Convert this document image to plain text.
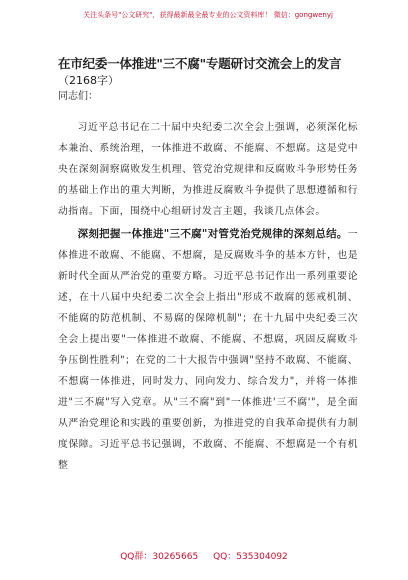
关注头条号"公文研究"，获得最新最全最专业的公文资料库！ 微信：gongwenyj

在市纪委一体推进"三不腐"专题研讨交流会上的发言

（2168字）

同志们：

习近平总书记在二十届中央纪委二次全会上强调，必须深化标本兼治、系统治理，一体推进不敢腐、不能腐、不想腐。这是党中央在深刻洞察腐败发生机理、管党治党规律和反腐败斗争形势任务的基础上作出的重大判断，为推进反腐败斗争提供了思想遵循和行动指南。下面，围绕中心组研讨发言主题，我谈几点体会。

深刻把握一体推进"三不腐"对管党治党规律的深刻总结。一体推进不敢腐、不能腐、不想腐，是反腐败斗争的基本方针，也是新时代全面从严治党的重要方略。习近平总书记作出一系列重要论述，在十八届中央纪委二次全会上指出"形成不敢腐的惩戒机制、不能腐的防范机制、不易腐的保障机制"；在十九届中央纪委三次全会上提出要"一体推进不敢腐、不能腐、不想腐，巩固反腐败斗争压倒性胜利"；在党的二十大报告中强调"坚持不敢腐、不能腐、不想腐一体推进，同时发力、同向发力、综合发力"，并将一体推进"三不腐"写入党章。从"三不腐"到"一体推进'三不腐'"，是全面从严治党理论和实践的重要创新，为推进党的自我革命提供有力制度保障。习近平总书记强调，不敢腐、不能腐、不想腐是一个有机整

QQ群：30265665 QQ：535304092
